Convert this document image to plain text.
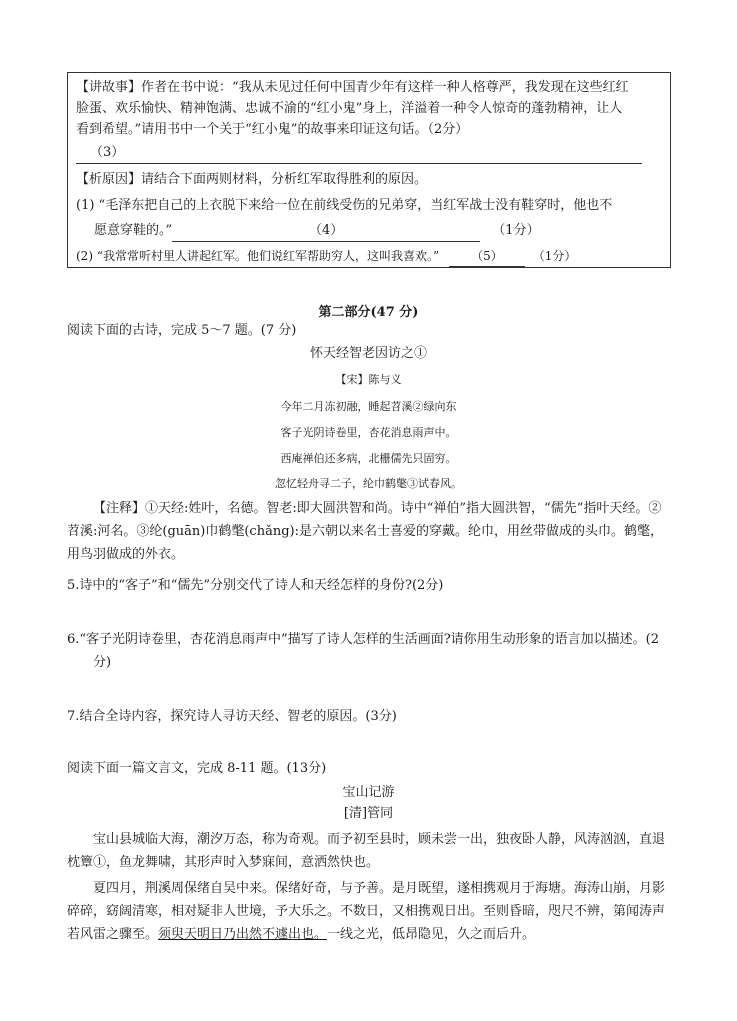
【讲故事】作者在书中说：“我从未见过任何中国青少年有这样一种人格尊严，我发现在这些红红
脸蛋、欢乐愉快、精神饱满、忠诚不渝的“红小鬼”身上，洋溢着一种令人惊奇的蓬勃精神，让人
看到希望。”请用书中一个关于“红小鬼”的故事来印证这句话。（2分）
（3）
【析原因】请结合下面两则材料，分析红军取得胜利的原因。
(1) “毛泽东把自己的上衣脱下来给一位在前线受伤的兄弟穿，当红军战士没有鞋穿时，他也不
愿意穿鞋的。”	（4）	（1分）
(2) “我常常听村里人讲起红军。他们说红军帮助穷人，这叫我喜欢。”	（5）	（1分）
第二部分(47 分)
阅读下面的古诗，完成 5～7 题。(7 分)
怀天经智老因访之①
【宋】陈与义
今年二月冻初融，睡起苕溪②绿向东
客子光阴诗卷里，杏花消息雨声中。
西庵禅伯还多病，北栅儒先只固穷。
忽忆轻舟寻二子，纶巾鹤氅③试春风。
【注释】①天经:姓叶，名德。智老:即大圆洪智和尚。诗中“禅伯”指大圆洪智，“儒先”指叶天经。②苕溪:河名。③纶(guān)巾鹤氅(chǎng):是六朝以来名士喜爱的穿戴。纶巾，用丝带做成的头巾。鹤氅，用鸟羽做成的外衣。
5.诗中的“客子”和“儒先”分别交代了诗人和天经怎样的身份?(2分)
6.“客子光阴诗卷里，杏花消息雨声中”描写了诗人怎样的生活画面?请你用生动形象的语言加以描述。(2分)
7.结合全诗内容，探究诗人寻访天经、智老的原因。(3分)
阅读下面一篇文言文，完成 8-11 题。(13分)
宝山记游
[清]管同
宝山县城临大海，潮汐万态，称为奇观。而予初至县时，顾未尝一出，独夜卧人静，风涛汹汹，直退枕簟①，鱼龙舞啸，其形声时入梦寐间，意洒然快也。
夏四月，荆溪周保绪自吴中来。保绪好奇，与予善。是月既望，遂相携观月于海塘。海涛山崩，月影碎碎，窈阔清寒，相对疑非人世境，予大乐之。不数日，又相携观日出。至则昏暗，咫尺不辨，第闻涛声若风雷之骤至。须臾天明日乃出然不遽出也。一线之光，低昂隐见，久之而后升。
